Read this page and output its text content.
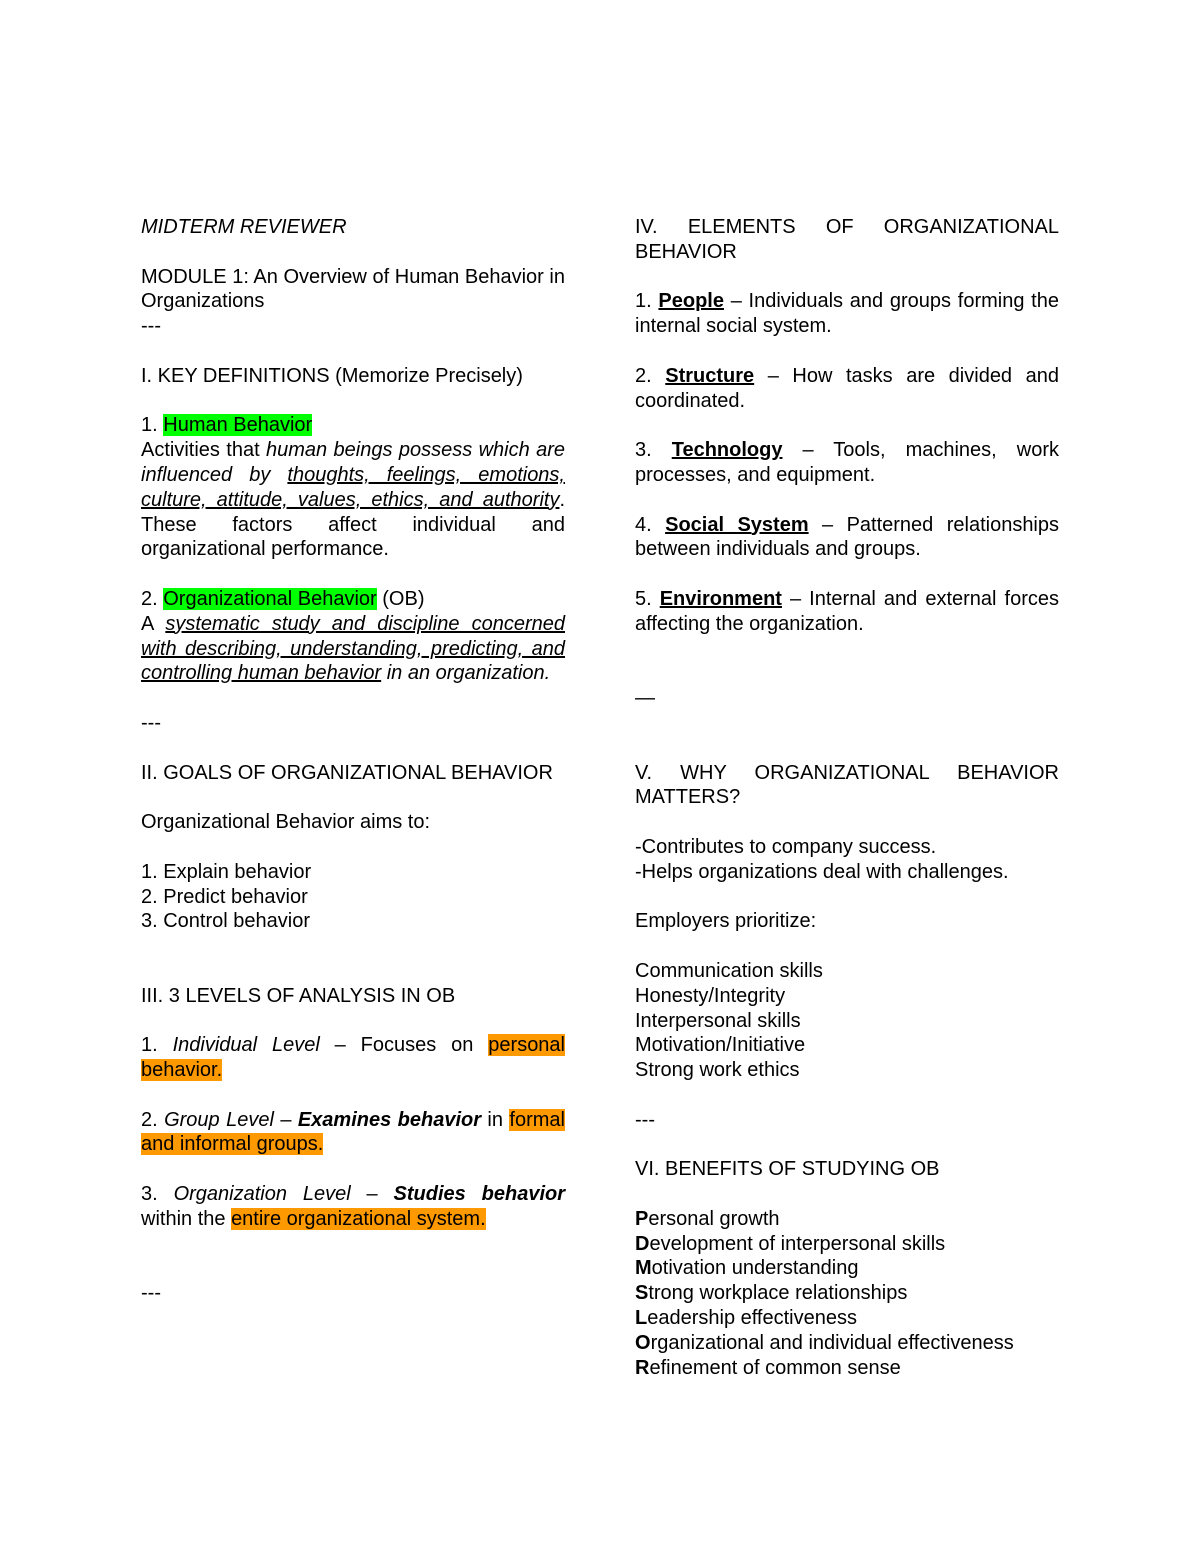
MIDTERM REVIEWER

MODULE 1: An Overview of Human Behavior in Organizations

---

I. KEY DEFINITIONS (Memorize Precisely)

1. Human Behavior

Activities that human beings possess which are influenced by thoughts, feelings, emotions, culture, attitude, values, ethics, and authority. These factors affect individual and organizational performance.

2. Organizational Behavior (OB)

A systematic study and discipline concerned with describing, understanding, predicting, and controlling human behavior in an organization.

---

II. GOALS OF ORGANIZATIONAL BEHAVIOR

Organizational Behavior aims to:

1. Explain behavior

2. Predict behavior

3. Control behavior

III. 3 LEVELS OF ANALYSIS IN OB

1. Individual Level – Focuses on personal behavior.

2. Group Level – Examines behavior in formal and informal groups.

3. Organization Level – Studies behavior within the entire organizational system.

---

IV. ELEMENTS OF ORGANIZATIONAL BEHAVIOR

1. People – Individuals and groups forming the internal social system.

2. Structure – How tasks are divided and coordinated.

3. Technology – Tools, machines, work processes, and equipment.

4. Social System – Patterned relationships between individuals and groups.

5. Environment – Internal and external forces affecting the organization.

—

V. WHY ORGANIZATIONAL BEHAVIOR MATTERS?

-Contributes to company success.

-Helps organizations deal with challenges.

Employers prioritize:

Communication skills

Honesty/Integrity

Interpersonal skills

Motivation/Initiative

Strong work ethics

---

VI. BENEFITS OF STUDYING OB

Personal growth

Development of interpersonal skills

Motivation understanding

Strong workplace relationships

Leadership effectiveness

Organizational and individual effectiveness

Refinement of common sense
